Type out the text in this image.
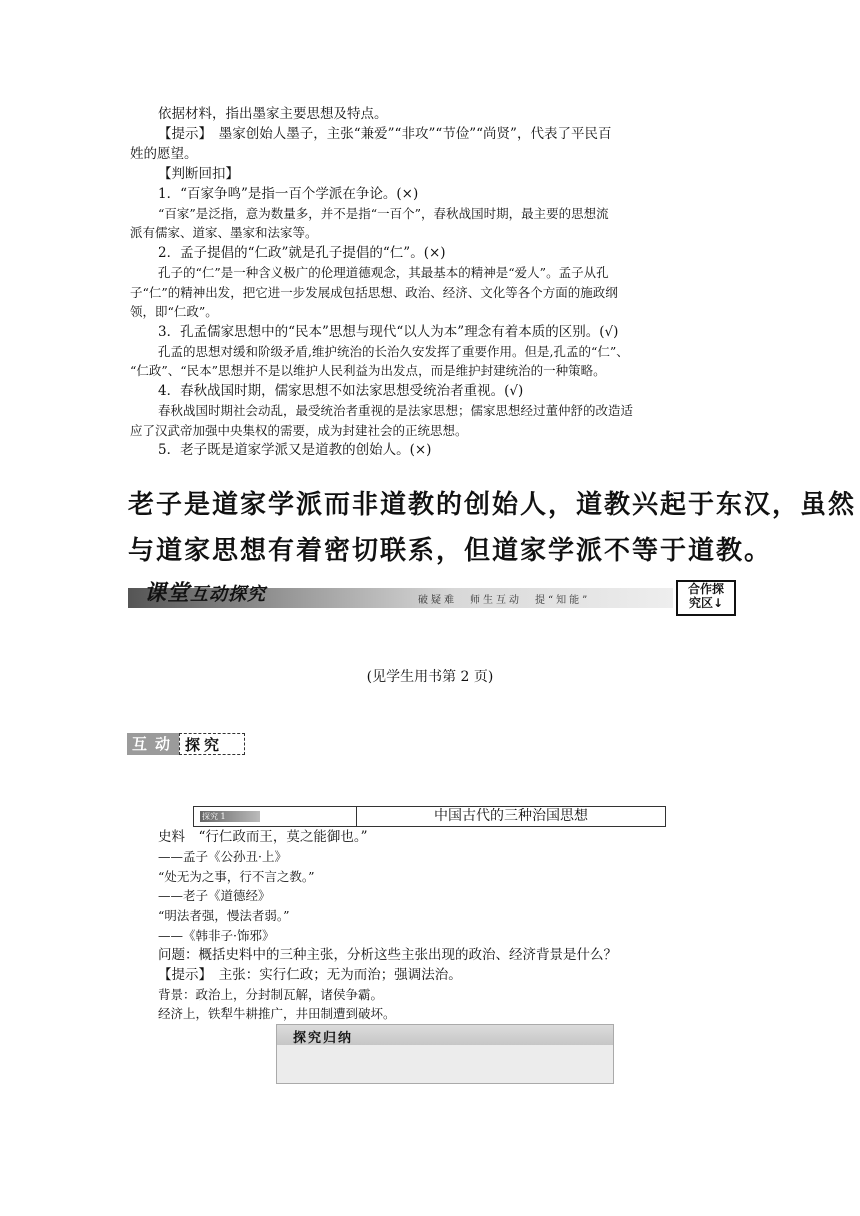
依据材料，指出墨家主要思想及特点。
【提示】　墨家创始人墨子，主张“兼爱”“非攻”“节俭”“尚贤”，代表了平民百
姓的愿望。
【判断回扣】
1．“百家争鸣”是指一百个学派在争论。(×)
“百家”是泛指，意为数量多，并不是指“一百个”，春秋战国时期，最主要的思想流
派有儒家、道家、墨家和法家等。
2．孟子提倡的“仁政”就是孔子提倡的“仁”。(×)
孔子的“仁”是一种含义极广的伦理道德观念，其最基本的精神是“爱人”。孟子从孔
子“仁”的精神出发，把它进一步发展成包括思想、政治、经济、文化等各个方面的施政纲
领，即“仁政”。
3．孔孟儒家思想中的“民本”思想与现代“以人为本”理念有着本质的区别。(√)
孔孟的思想对缓和阶级矛盾,维护统治的长治久安发挥了重要作用。但是,孔孟的“仁”、
“仁政”、“民本”思想并不是以维护人民利益为出发点，而是维护封建统治的一种策略。
4．春秋战国时期，儒家思想不如法家思想受统治者重视。(√)
春秋战国时期社会动乱，最受统治者重视的是法家思想；儒家思想经过董仲舒的改造适
应了汉武帝加强中央集权的需要，成为封建社会的正统思想。
5．老子既是道家学派又是道教的创始人。(×)
老子是道家学派而非道教的创始人，道教兴起于东汉，虽然
与道家思想有着密切联系，但道家学派不等于道教。
课堂互动探究	破疑难　师生互动　提“知能”
合作探
究区↓
(见学生用书第 2 页)
互动 探究
探究 1	中国古代的三种治国思想
史料　“行仁政而王，莫之能御也。”
——孟子《公孙丑·上》
“处无为之事，行不言之教。”
——老子《道德经》
“明法者强，慢法者弱。”
——《韩非子·饰邪》
问题：概括史料中的三种主张，分析这些主张出现的政治、经济背景是什么？
【提示】　主张：实行仁政；无为而治；强调法治。
背景：政治上，分封制瓦解，诸侯争霸。
经济上，铁犁牛耕推广，井田制遭到破坏。
探究归纳
